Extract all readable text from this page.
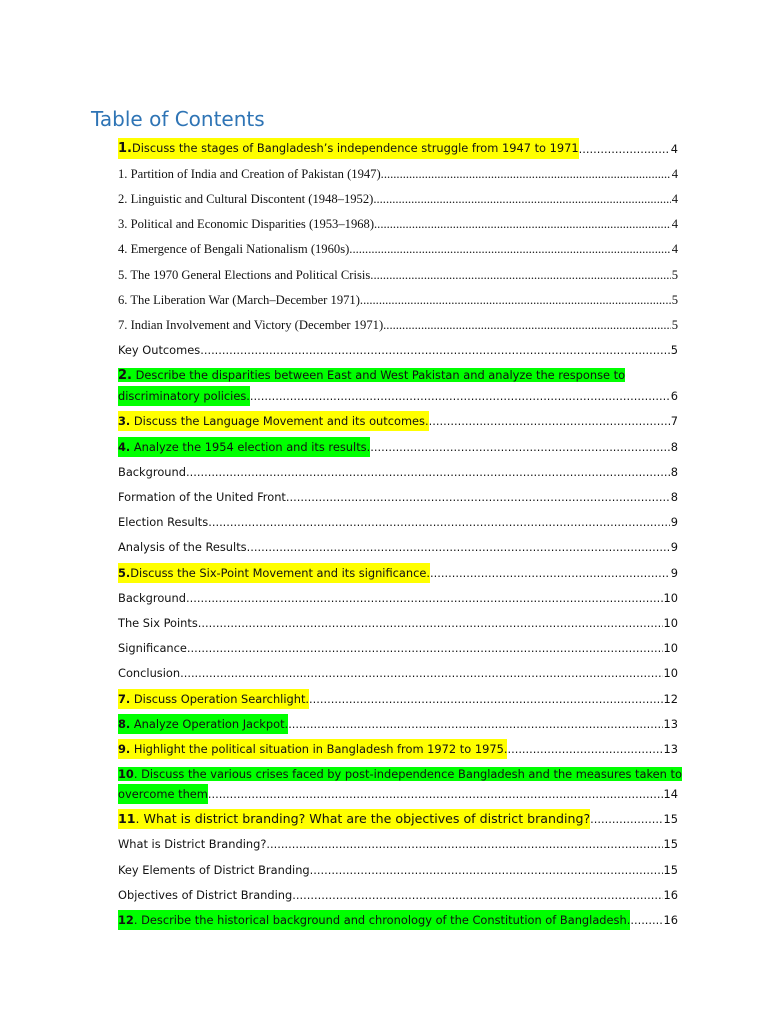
Table of Contents
1.Discuss the stages of Bangladesh’s independence struggle from 1947 to 1971 .....	4
1. Partition of India and Creation of Pakistan (1947) .....	4
2. Linguistic and Cultural Discontent (1948–1952) .....	4
3. Political and Economic Disparities (1953–1968) .....	4
4. Emergence of Bengali Nationalism (1960s) .....	4
5. The 1970 General Elections and Political Crisis .....	5
6. The Liberation War (March–December 1971) .....	5
7. Indian Involvement and Victory (December 1971) .....	5
Key Outcomes .....	5
2. Describe the disparities between East and West Pakistan and analyze the response to
discriminatory policies. .....	6
3. Discuss the Language Movement and its outcomes. .....	7
4. Analyze the 1954 election and its results. .....	8
Background .....	8
Formation of the United Front .....	8
Election Results .....	9
Analysis of the Results .....	9
5.Discuss the Six-Point Movement and its significance. .....	9
Background .....	10
The Six Points .....	10
Significance .....	10
Conclusion .....	10
7. Discuss Operation Searchlight. .....	12
8. Analyze Operation Jackpot. .....	13
9. Highlight the political situation in Bangladesh from 1972 to 1975. .....	13
10. Discuss the various crises faced by post-independence Bangladesh and the measures taken to
overcome them .....	14
11. What is district branding? What are the objectives of district branding? .....	15
What is District Branding? .....	15
Key Elements of District Branding .....	15
Objectives of District Branding .....	16
12. Describe the historical background and chronology of the Constitution of Bangladesh. .....	16
